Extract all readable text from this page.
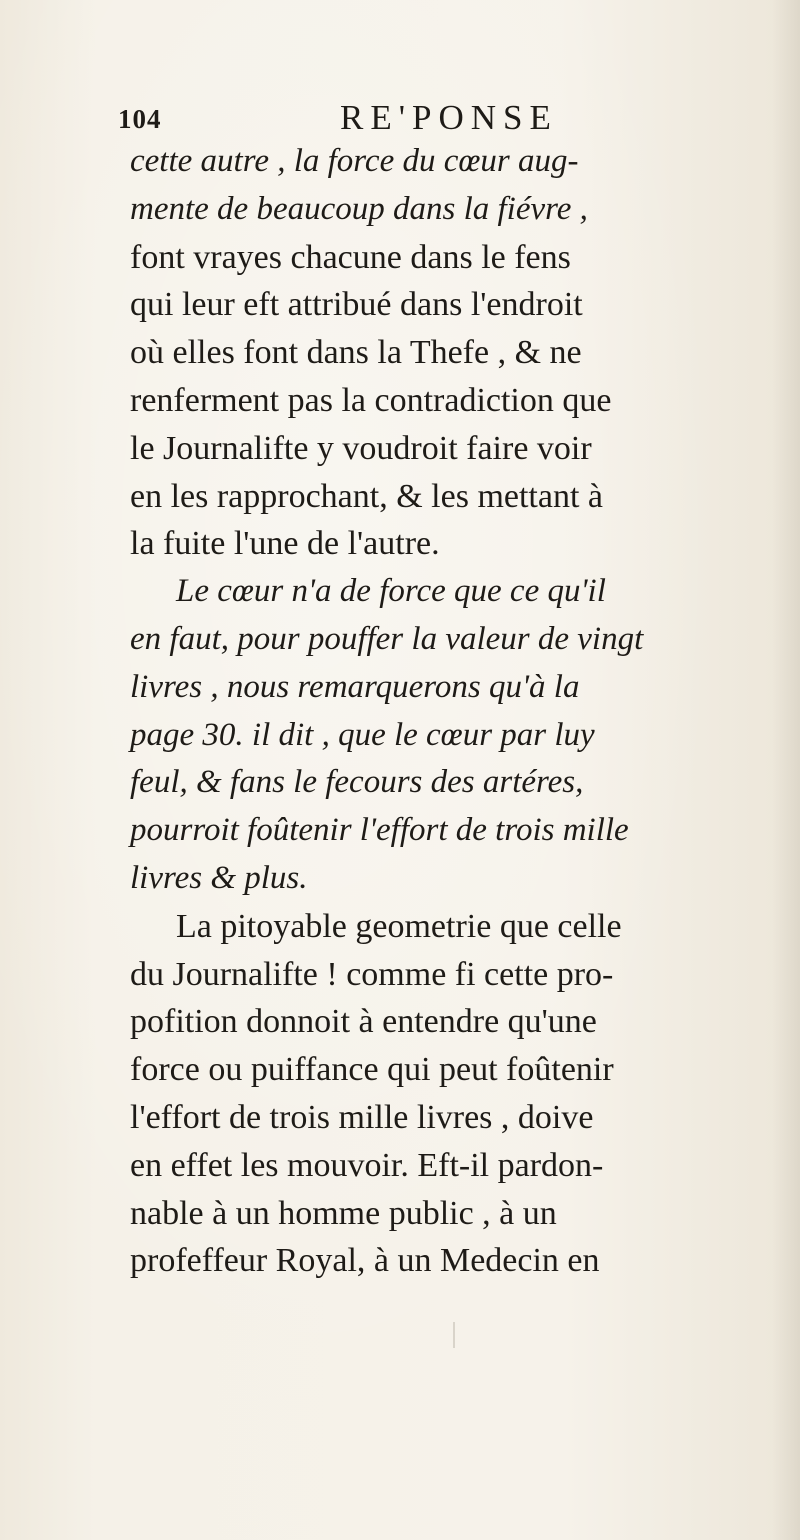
104	RE'PONSE
cette autre , la force du cœur aug-
mente de beaucoup dans la fiévre ,
font vrayes chacune dans le fens
qui leur eft attribué dans l'endroit
où elles font dans la Thefe , & ne
renferment pas la contradiction que
le Journalifte y voudroit faire voir
en les rapprochant, & les mettant à
la fuite l'une de l'autre.
Le cœur n'a de force que ce qu'il
en faut, pour pouffer la valeur de vingt
livres , nous remarquerons qu'à la
page 30. il dit , que le cœur par luy
feul, & fans le fecours des artéres,
pourroit foûtenir l'effort de trois mille
livres & plus.
La pitoyable geometrie que celle
du Journalifte ! comme fi cette pro-
pofition donnoit à entendre qu'une
force ou puiffance qui peut foûtenir
l'effort de trois mille livres , doive
en effet les mouvoir. Eft-il pardon-
nable à un homme public , à un
profeffeur Royal, à un Medecin en
